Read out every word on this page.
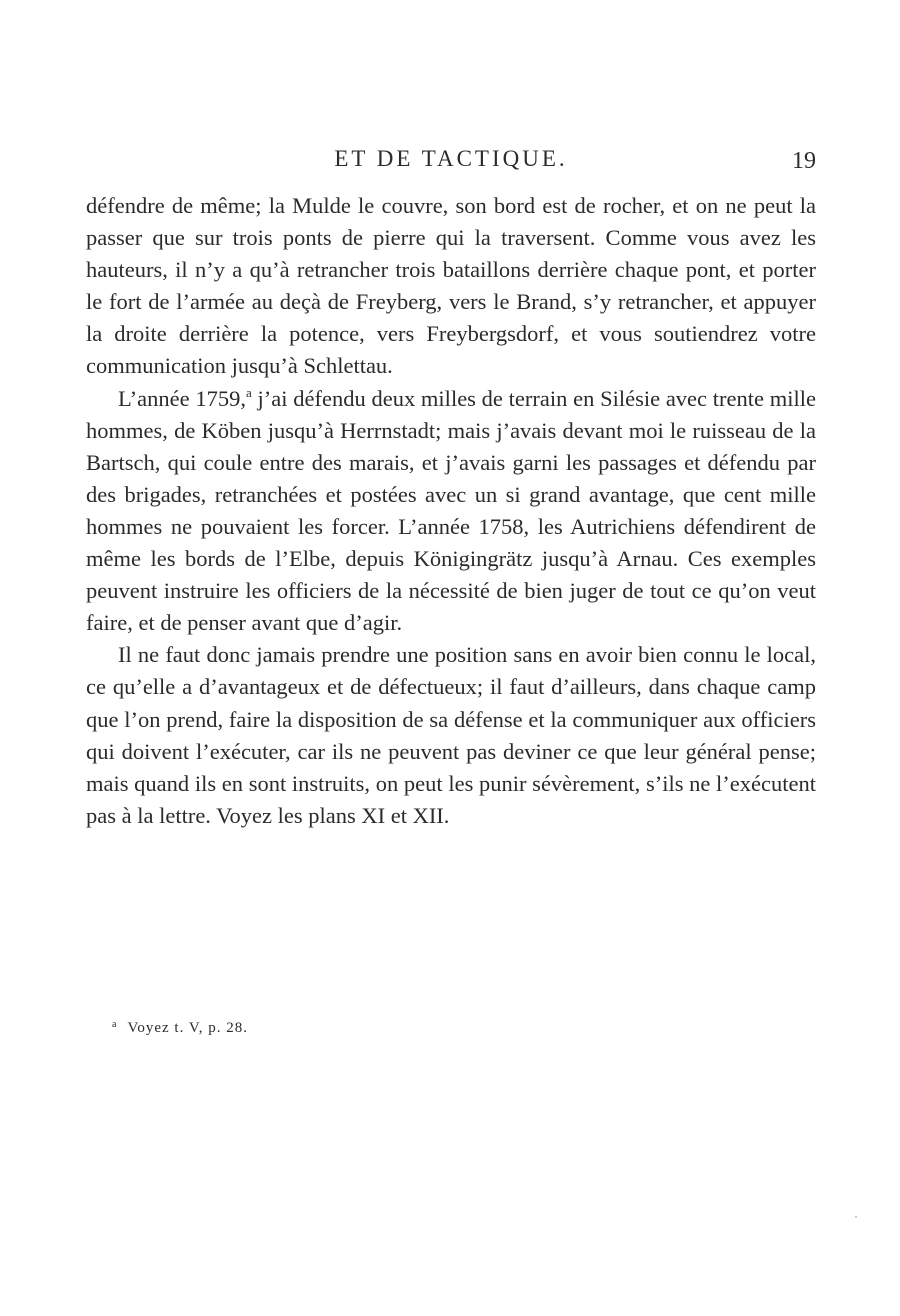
ET DE TACTIQUE.	19

défendre de même; la Mulde le couvre, son bord est de rocher, et on ne peut la passer que sur trois ponts de pierre qui la traversent. Comme vous avez les hauteurs, il n’y a qu’à retrancher trois bataillons derrière chaque pont, et porter le fort de l’armée au deçà de Freyberg, vers le Brand, s’y retrancher, et appuyer la droite derrière la potence, vers Freybergsdorf, et vous soutiendrez votre communication jusqu’à Schlettau.

L’année 1759,$^a$ j’ai défendu deux milles de terrain en Silésie avec trente mille hommes, de Köben jusqu’à Herrnstadt; mais j’avais devant moi le ruisseau de la Bartsch, qui coule entre des marais, et j’avais garni les passages et défendu par des brigades, retranchées et postées avec un si grand avantage, que cent mille hommes ne pouvaient les forcer. L’année 1758, les Autrichiens défendirent de même les bords de l’Elbe, depuis Königingrätz jusqu’à Arnau. Ces exemples peuvent instruire les officiers de la nécessité de bien juger de tout ce qu’on veut faire, et de penser avant que d’agir.

Il ne faut donc jamais prendre une position sans en avoir bien connu le local, ce qu’elle a d’avantageux et de défectueux; il faut d’ailleurs, dans chaque camp que l’on prend, faire la disposition de sa défense et la communiquer aux officiers qui doivent l’exécuter, car ils ne peuvent pas deviner ce que leur général pense; mais quand ils en sont instruits, on peut les punir sévèrement, s’ils ne l’exécutent pas à la lettre. Voyez les plans XI et XII.

$^a$ Voyez t. V, p. 28.
